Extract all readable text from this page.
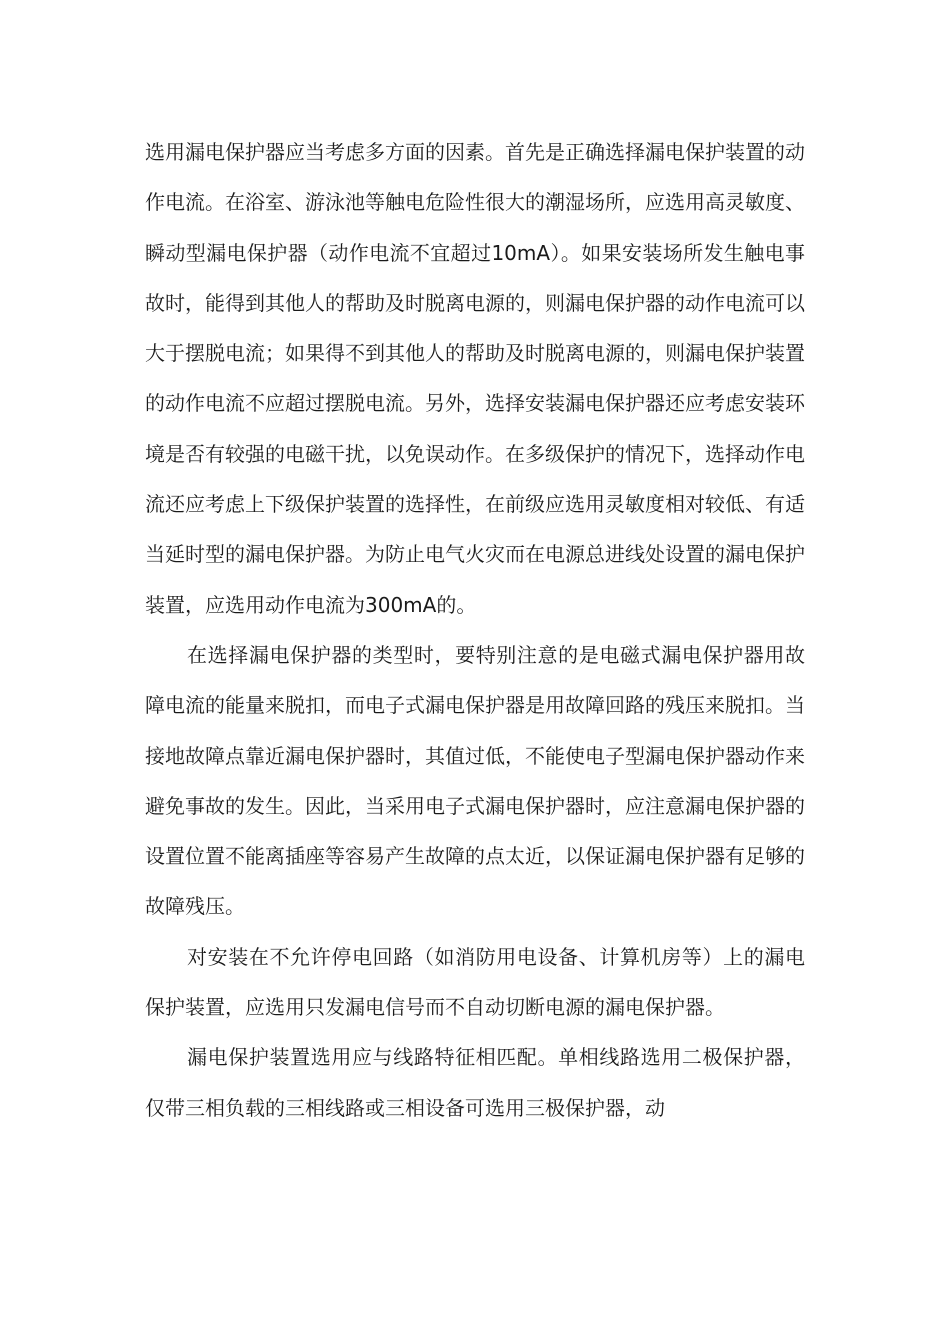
选用漏电保护器应当考虑多方面的因素。首先是正确选择漏电保护装置的动作电流。在浴室、游泳池等触电危险性很大的潮湿场所，应选用高灵敏度、瞬动型漏电保护器（动作电流不宜超过10mA）。如果安装场所发生触电事故时，能得到其他人的帮助及时脱离电源的，则漏电保护器的动作电流可以大于摆脱电流；如果得不到其他人的帮助及时脱离电源的，则漏电保护装置的动作电流不应超过摆脱电流。另外，选择安装漏电保护器还应考虑安装环境是否有较强的电磁干扰，以免误动作。在多级保护的情况下，选择动作电流还应考虑上下级保护装置的选择性，在前级应选用灵敏度相对较低、有适当延时型的漏电保护器。为防止电气火灾而在电源总进线处设置的漏电保护装置，应选用动作电流为300mA的。

在选择漏电保护器的类型时，要特别注意的是电磁式漏电保护器用故障电流的能量来脱扣，而电子式漏电保护器是用故障回路的残压来脱扣。当接地故障点靠近漏电保护器时，其值过低，不能使电子型漏电保护器动作来避免事故的发生。因此，当采用电子式漏电保护器时，应注意漏电保护器的设置位置不能离插座等容易产生故障的点太近，以保证漏电保护器有足够的故障残压。

对安装在不允许停电回路（如消防用电设备、计算机房等）上的漏电保护装置，应选用只发漏电信号而不自动切断电源的漏电保护器。

漏电保护装置选用应与线路特征相匹配。单相线路选用二极保护器，仅带三相负载的三相线路或三相设备可选用三极保护器，动
